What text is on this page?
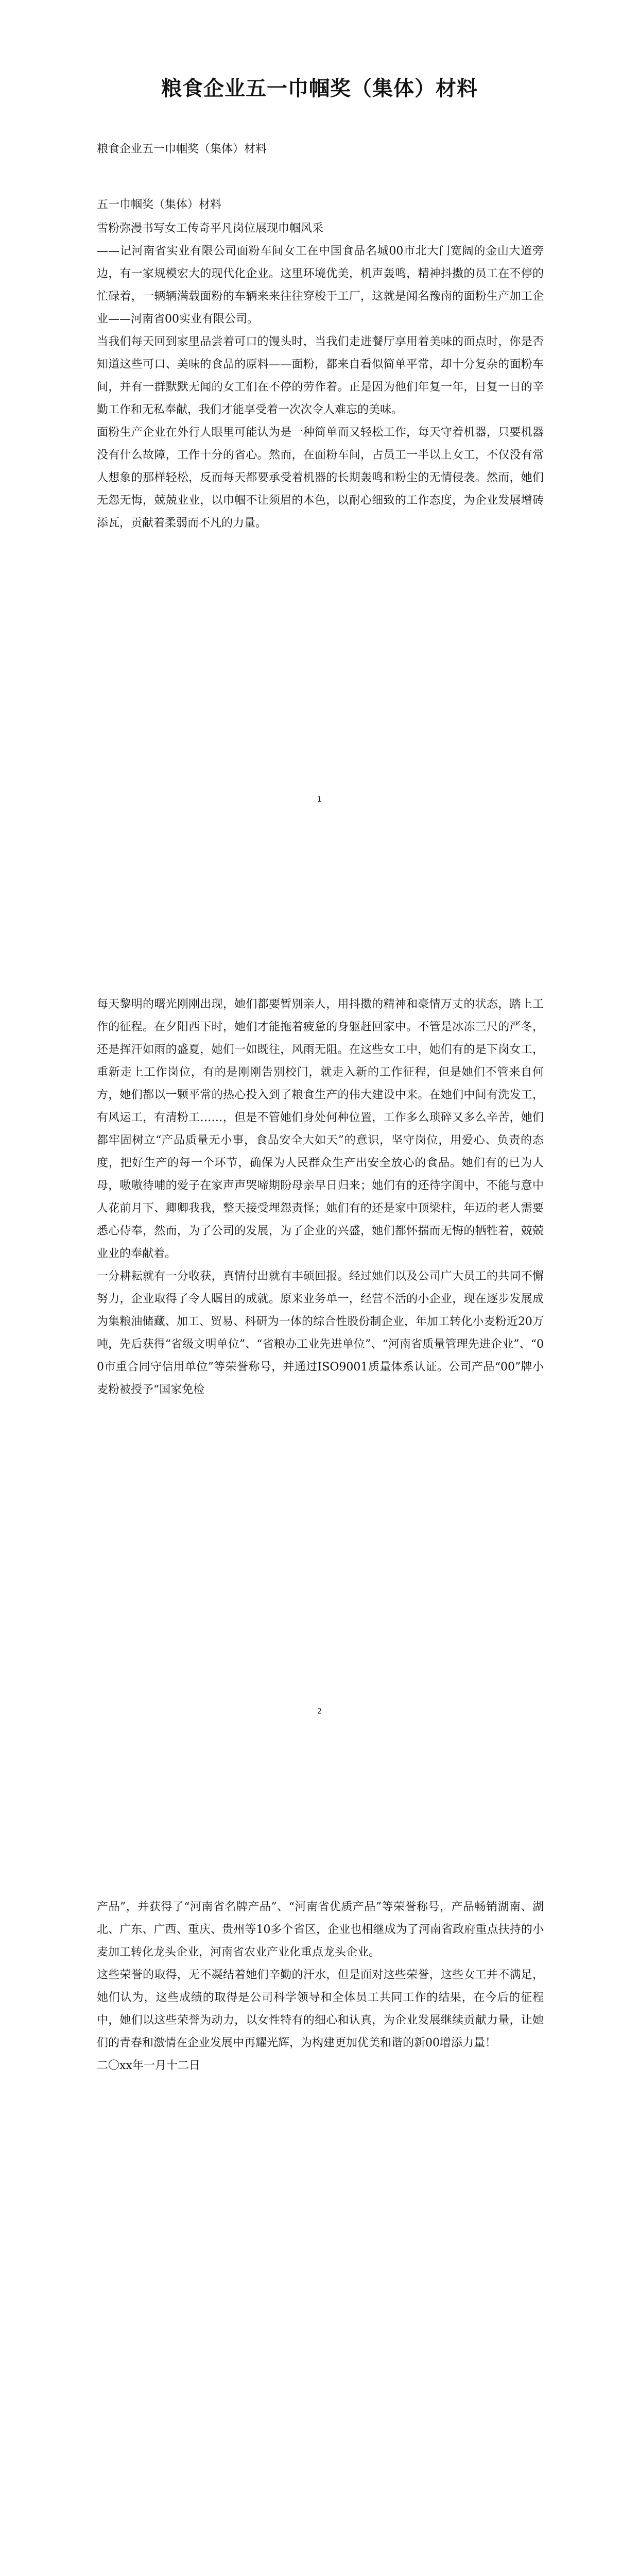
粮食企业五一巾帼奖（集体）材料

粮食企业五一巾帼奖（集体）材料

五一巾帼奖（集体）材料

雪粉弥漫书写女工传奇平凡岗位展现巾帼风采

——记河南省实业有限公司面粉车间女工在中国食品名城00市北大门宽阔的金山大道旁边，有一家规模宏大的现代化企业。这里环境优美，机声轰鸣，精神抖擞的员工在不停的忙碌着，一辆辆满载面粉的车辆来来往往穿梭于工厂，这就是闻名豫南的面粉生产加工企业——河南省00实业有限公司。

当我们每天回到家里品尝着可口的馒头时，当我们走进餐厅享用着美味的面点时，你是否知道这些可口、美味的食品的原料——面粉，都来自看似简单平常，却十分复杂的面粉车间，并有一群默默无闻的女工们在不停的劳作着。正是因为他们年复一年，日复一日的辛勤工作和无私奉献，我们才能享受着一次次令人难忘的美味。

面粉生产企业在外行人眼里可能认为是一种简单而又轻松工作，每天守着机器，只要机器没有什么故障，工作十分的省心。然而，在面粉车间，占员工一半以上女工，不仅没有常人想象的那样轻松，反而每天都要承受着机器的长期轰鸣和粉尘的无情侵袭。然而，她们无怨无悔，兢兢业业，以巾帼不让须眉的本色，以耐心细致的工作态度，为企业发展增砖添瓦，贡献着柔弱而不凡的力量。

1

每天黎明的曙光刚刚出现，她们都要暂别亲人，用抖擞的精神和豪情万丈的状态，踏上工作的征程。在夕阳西下时，她们才能拖着疲惫的身躯赶回家中。不管是冰冻三尺的严冬，还是挥汗如雨的盛夏，她们一如既往，风雨无阻。在这些女工中，她们有的是下岗女工，重新走上工作岗位，有的是刚刚告别校门，就走入新的工作征程，但是她们不管来自何方，她们都以一颗平常的热心投入到了粮食生产的伟大建设中来。在她们中间有洗发工，有风运工，有清粉工……，但是不管她们身处何种位置，工作多么琐碎又多么辛苦，她们都牢固树立“产品质量无小事，食品安全大如天”的意识，坚守岗位，用爱心、负责的态度，把好生产的每一个环节，确保为人民群众生产出安全放心的食品。她们有的已为人母，嗷嗷待哺的爱子在家声声哭啼期盼母亲早日归来；她们有的还待字闺中，不能与意中人花前月下、卿卿我我，整天接受埋怨责怪；她们有的还是家中顶梁柱，年迈的老人需要悉心侍奉，然而，为了公司的发展，为了企业的兴盛，她们都怀揣而无悔的牺牲着，兢兢业业的奉献着。

一分耕耘就有一分收获，真情付出就有丰硕回报。经过她们以及公司广大员工的共同不懈努力，企业取得了令人瞩目的成就。原来业务单一，经营不活的小企业，现在逐步发展成为集粮油储藏、加工、贸易、科研为一体的综合性股份制企业，年加工转化小麦粉近20万吨，先后获得“省级文明单位”、“省粮办工业先进单位”、“河南省质量管理先进企业”、“00市重合同守信用单位”等荣誉称号，并通过ISO9001质量体系认证。公司产品“00”牌小麦粉被授予“国家免检

2

产品”，并获得了“河南省名牌产品”、“河南省优质产品”等荣誉称号，产品畅销湖南、湖北、广东、广西、重庆、贵州等10多个省区，企业也相继成为了河南省政府重点扶持的小麦加工转化龙头企业，河南省农业产业化重点龙头企业。

这些荣誉的取得，无不凝结着她们辛勤的汗水，但是面对这些荣誉，这些女工并不满足，她们认为，这些成绩的取得是公司科学领导和全体员工共同工作的结果，在今后的征程中，她们以这些荣誉为动力，以女性特有的细心和认真，为企业发展继续贡献力量，让她们的青春和激情在企业发展中再耀光辉，为构建更加优美和谐的新00增添力量！

二〇xx年一月十二日
